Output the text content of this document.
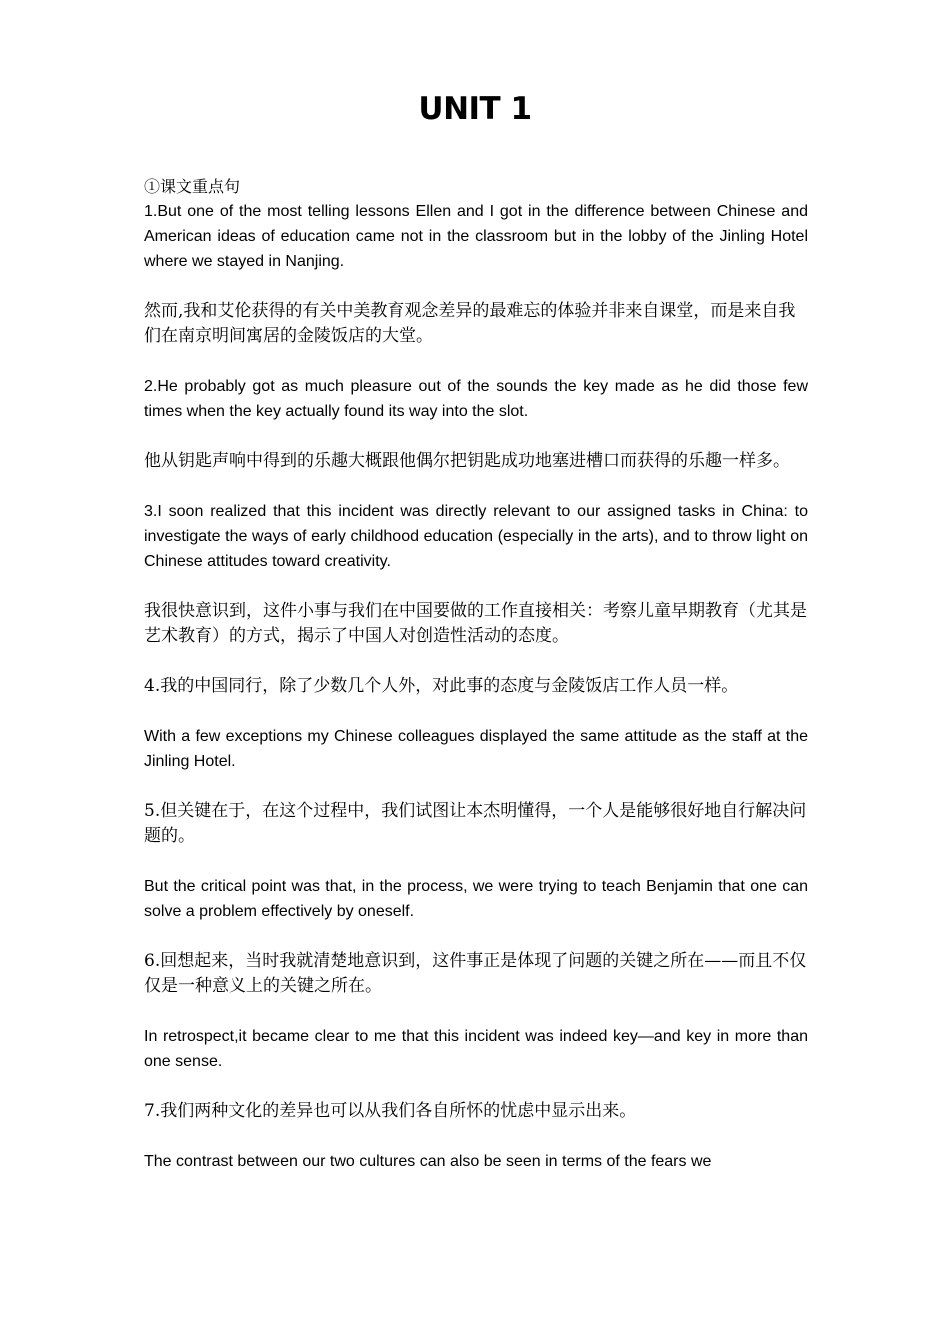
UNIT 1

①课文重点句

1.But one of the most telling lessons Ellen and I got in the difference between Chinese and American ideas of education came not in the classroom but in the lobby of the Jinling Hotel where we stayed in Nanjing.

然而,我和艾伦获得的有关中美教育观念差异的最难忘的体验并非来自课堂，而是来自我们在南京明间寓居的金陵饭店的大堂。

2.He probably got as much pleasure out of the sounds the key made as he did those few times when the key actually found its way into the slot.

他从钥匙声响中得到的乐趣大概跟他偶尔把钥匙成功地塞进槽口而获得的乐趣一样多。

3.I soon realized that this incident was directly relevant to our assigned tasks in China: to investigate the ways of early childhood education (especially in the arts), and to throw light on Chinese attitudes toward creativity.

我很快意识到，这件小事与我们在中国要做的工作直接相关：考察儿童早期教育（尤其是艺术教育）的方式，揭示了中国人对创造性活动的态度。

4.我的中国同行，除了少数几个人外，对此事的态度与金陵饭店工作人员一样。

With a few exceptions my Chinese colleagues displayed the same attitude as the staff at the Jinling Hotel.

5.但关键在于，在这个过程中，我们试图让本杰明懂得，一个人是能够很好地自行解决问题的。

But the critical point was that, in the process, we were trying to teach Benjamin that one can solve a problem effectively by oneself.

6.回想起来，当时我就清楚地意识到，这件事正是体现了问题的关键之所在——而且不仅仅是一种意义上的关键之所在。

In retrospect,it became clear to me that this incident was indeed key—and key in more than one sense.

7.我们两种文化的差异也可以从我们各自所怀的忧虑中显示出来。

The contrast between our two cultures can also be seen in terms of the fears we
